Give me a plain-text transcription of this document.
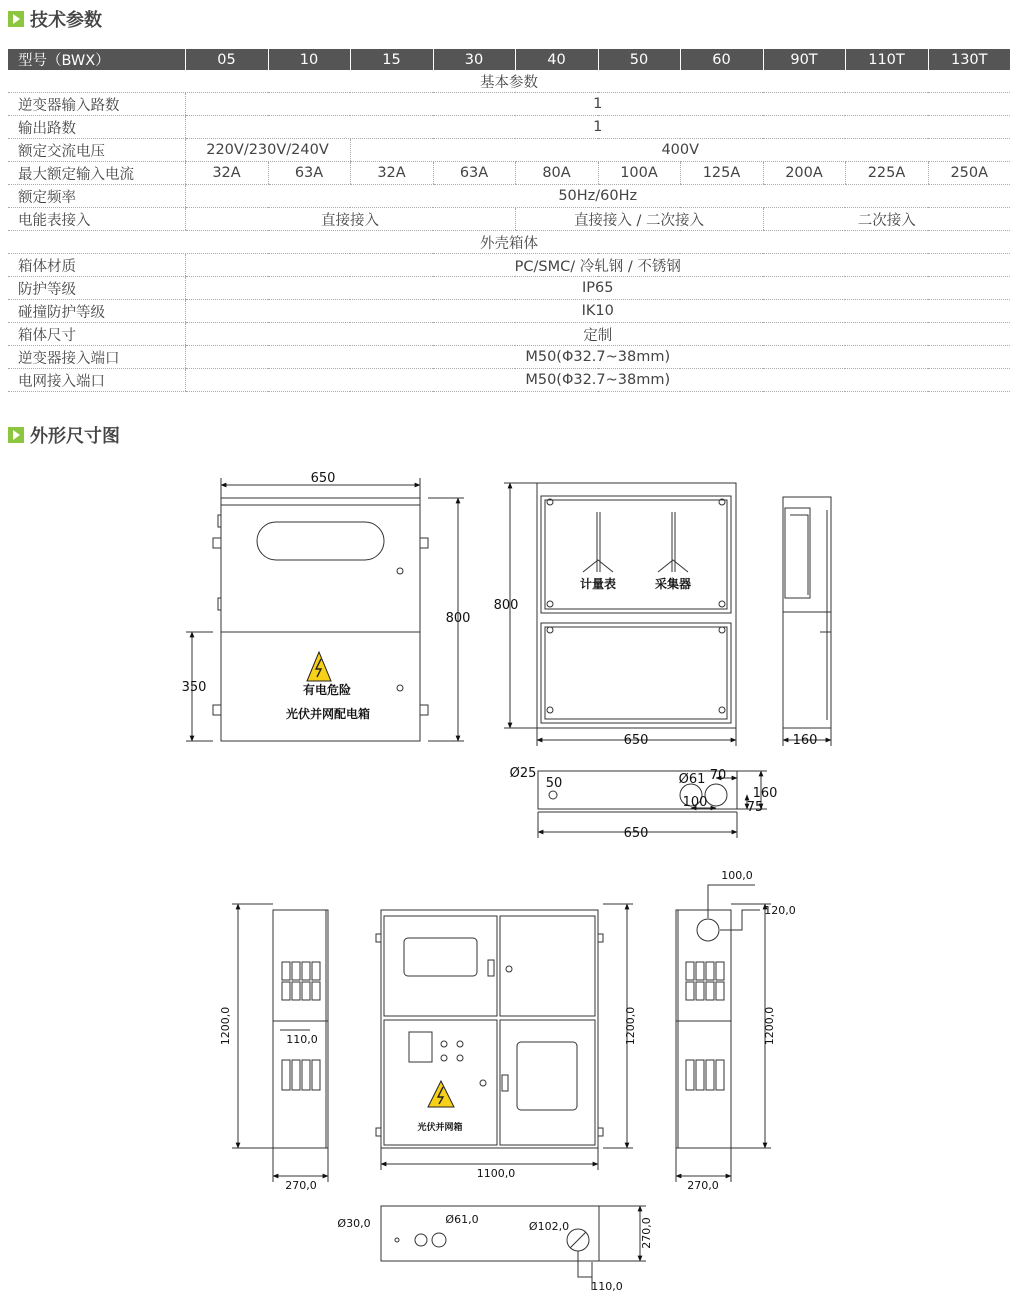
技术参数
型号（BWX）	05	10	15	30	40	50	60	90T	110T	130T
基本参数										
逆变器输入路数	1									
输出路数	1									
额定交流电压	220V/230V/240V		400V							
最大额定输入电流	32A	63A	32A	63A	80A	100A	125A	200A	225A	250A
额定频率	50Hz/60Hz									
电能表接入	直接接入				直接接入 / 二次接入			二次接入		
外壳箱体										
箱体材质	PC/SMC/ 冷轧钢 / 不锈钢									
防护等级	IP65									
碰撞防护等级	IK10									
箱体尺寸	定制									
逆变器接入端口	M50(Φ32.7~38mm)									
电网接入端口	M50(Φ32.7~38mm)									
外形尺寸图
650
800
350	有电危险
光伏并网配电箱
计量表	采集器
800
650	160
Ø25
50	Ø61 70
100
160
75
650
1200,0	110,0
270,0
光伏并网箱
1100,0
1200,0
100,0
120,0
1200,0
270,0
Ø30,0	Ø61,0
Ø102,0	270,0
110,0
